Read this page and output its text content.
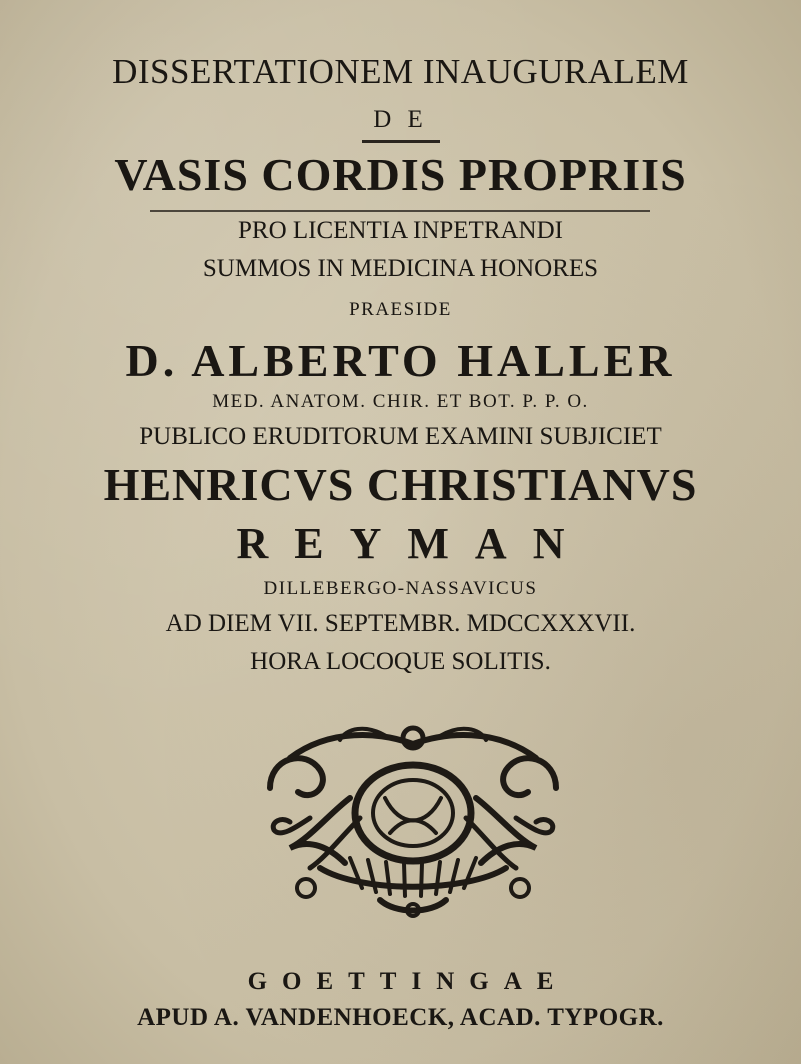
DISSERTATIONEM INAUGURALEM
D E
VASIS CORDIS PROPRIIS
PRO LICENTIA INPETRANDI
SUMMOS IN MEDICINA HONORES
PRAESIDE
D. ALBERTO HALLER
MED. ANATOM. CHIR. ET BOT. P. P. O.
PUBLICO ERUDITORUM EXAMINI SUBJICIET
HENRICVS CHRISTIANVS
REYMAN
DILLEBERGO-NASSAVICUS
AD DIEM VII. SEPTEMBR. MDCCXXXVII.
HORA LOCOQUE SOLITIS.
GOETTINGAE
APUD A. VANDENHOECK, ACAD. TYPOGR.
